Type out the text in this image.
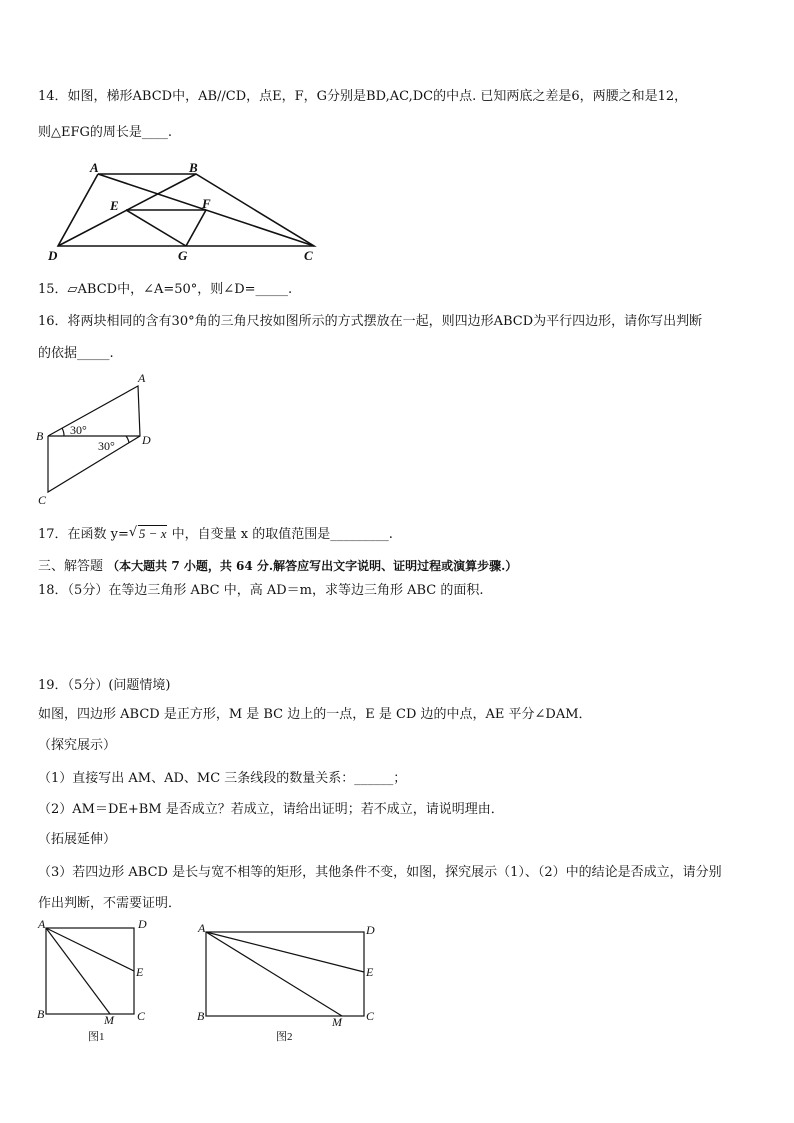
14．如图，梯形ABCD中，AB//CD，点E，F，G分别是BD,AC,DC的中点. 已知两底之差是6，两腰之和是12，
则△EFG的周长是____.
A	B
C
D
E	F
G
15．▱ABCD中，∠A=50°，则∠D=_____.
16．将两块相同的含有30°角的三角尺按如图所示的方式摆放在一起，则四边形ABCD为平行四边形，请你写出判断
的依据_____.
A
B
C
D
30°
30°
17．在函数 y= √ 5 − x 中，自变量 x 的取值范围是_________.
三、解答题 （本大题共 7 小题，共 64 分.解答应写出文字说明、证明过程或演算步骤.）
18．（5分）在等边三角形 ABC 中，高 AD＝m，求等边三角形 ABC 的面积.
19．（5分）(问题情境)
如图，四边形 ABCD 是正方形，M 是 BC 边上的一点，E 是 CD 边的中点，AE 平分∠DAM．
（探究展示）
（1）直接写出 AM、AD、MC 三条线段的数量关系：______；
（2）AM＝DE+BM 是否成立？若成立，请给出证明；若不成立，请说明理由．
（拓展延伸）
（3）若四边形 ABCD 是长与宽不相等的矩形，其他条件不变，如图，探究展示（1）、（2）中的结论是否成立，请分别
作出判断，不需要证明．
A	D
E
B	M C
图1
A	D
E
B	M C
图2
